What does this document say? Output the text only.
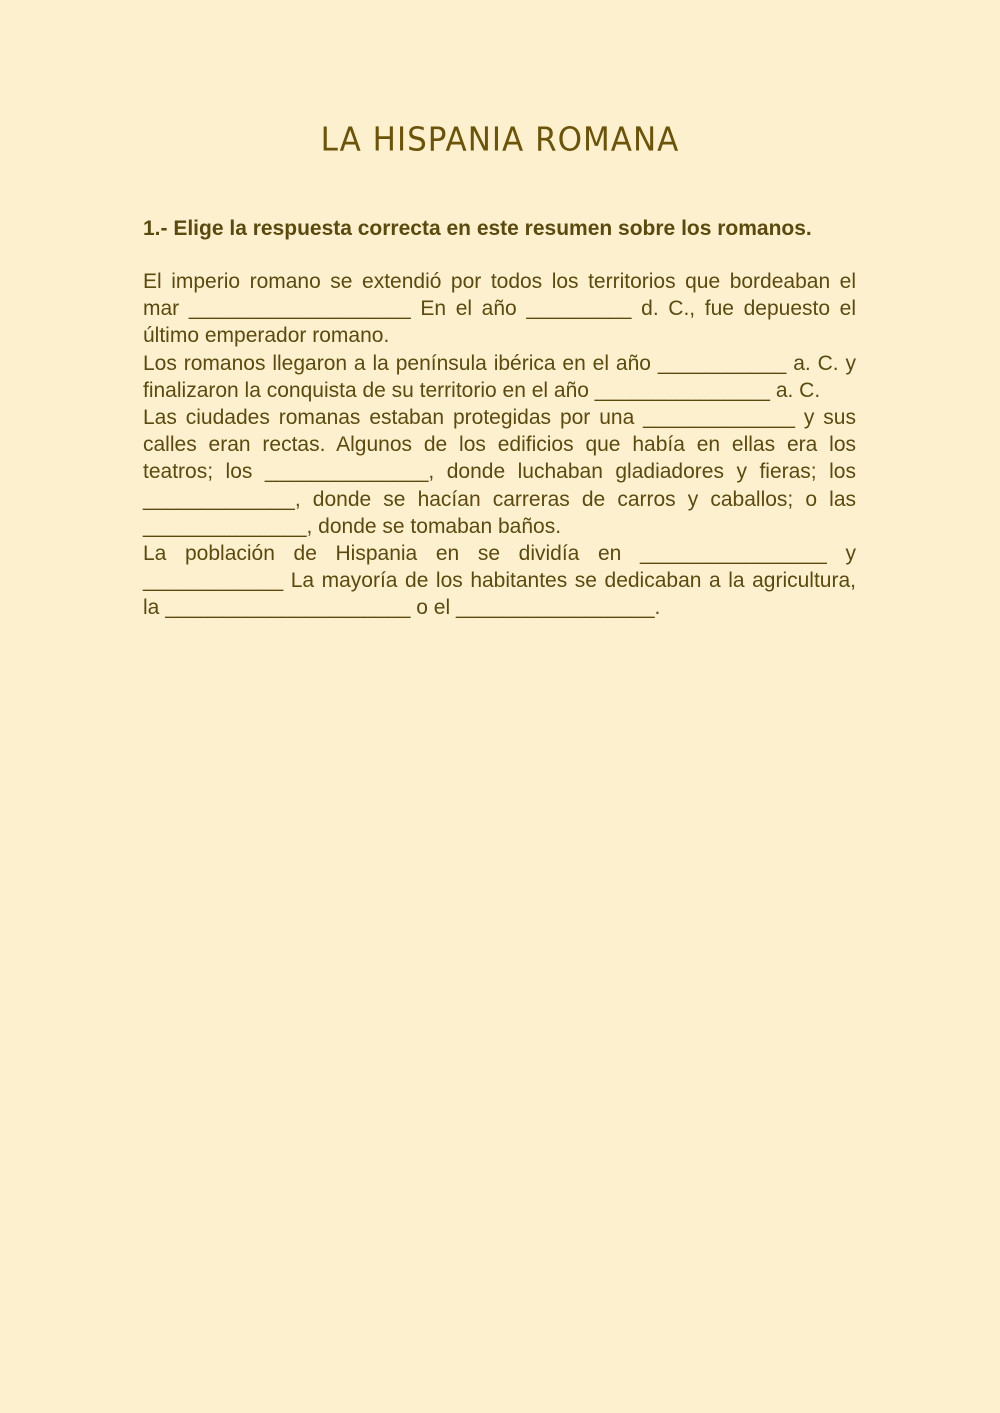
LA HISPANIA ROMANA

1.- Elige la respuesta correcta en este resumen sobre los romanos.

El imperio romano se extendió por todos los territorios que bordeaban el mar ___________________ En el año _________ d. C., fue depuesto el último emperador romano.

Los romanos llegaron a la península ibérica en el año ___________ a. C. y finalizaron la conquista de su territorio en el año _______________ a. C.

Las ciudades romanas estaban protegidas por una _____________ y sus calles eran rectas. Algunos de los edificios que había en ellas era los teatros; los ______________, donde luchaban gladiadores y fieras; los _____________, donde se hacían carreras de carros y caballos; o las ______________, donde se tomaban baños.

La población de Hispania en se dividía en ________________ y ____________ La mayoría de los habitantes se dedicaban a la agricultura, la _____________________ o el _________________.
